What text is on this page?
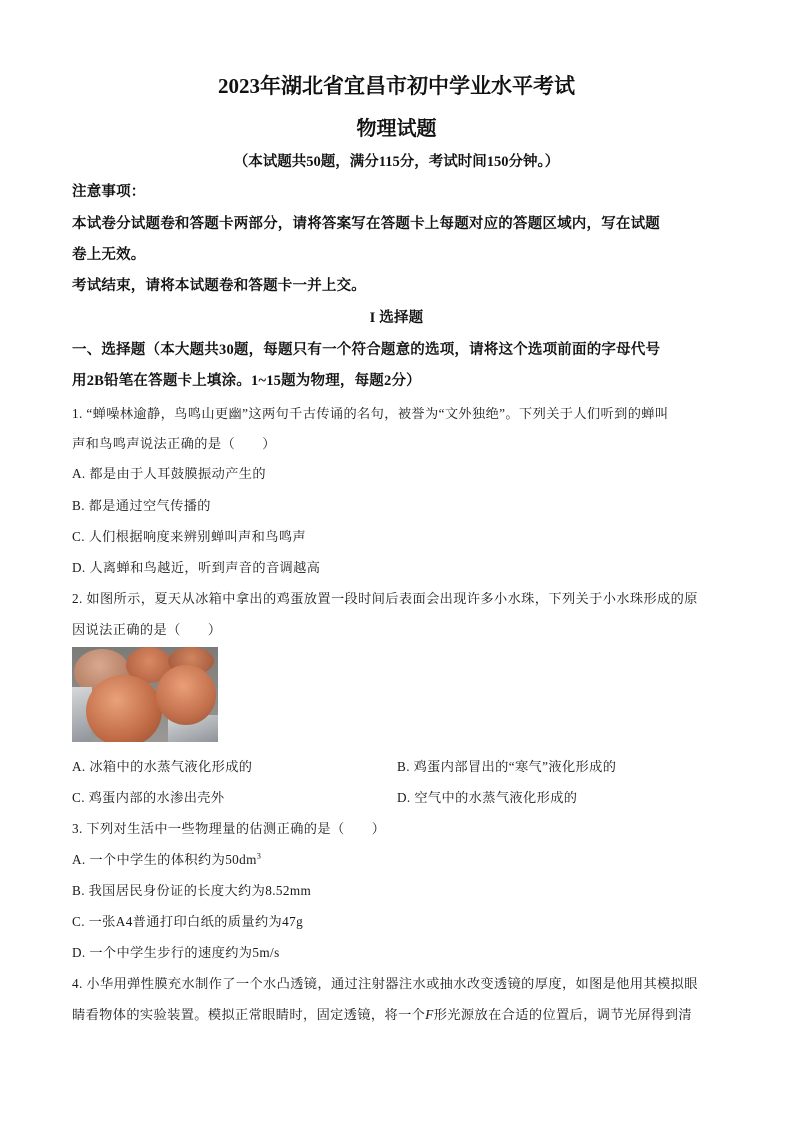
2023年湖北省宜昌市初中学业水平考试
物理试题
（本试题共50题，满分115分，考试时间150分钟。）
注意事项：
本试卷分试题卷和答题卡两部分，请将答案写在答题卡上每题对应的答题区域内，写在试题
卷上无效。
考试结束，请将本试题卷和答题卡一并上交。
I 选择题
一、选择题（本大题共30题，每题只有一个符合题意的选项，请将这个选项前面的字母代号
用2B铅笔在答题卡上填涂。1~15题为物理，每题2分）
1. “蝉噪林逾静，鸟鸣山更幽”这两句千古传诵的名句，被誉为“文外独绝”。下列关于人们听到的蝉叫
声和鸟鸣声说法正确的是（　　）
A. 都是由于人耳鼓膜振动产生的
B. 都是通过空气传播的
C. 人们根据响度来辨别蝉叫声和鸟鸣声
D. 人离蝉和鸟越近，听到声音的音调越高
2. 如图所示，夏天从冰箱中拿出的鸡蛋放置一段时间后表面会出现许多小水珠，下列关于小水珠形成的原
因说法正确的是（　　）
A. 冰箱中的水蒸气液化形成的	B. 鸡蛋内部冒出的“寒气”液化形成的
C. 鸡蛋内部的水渗出壳外	D. 空气中的水蒸气液化形成的
3. 下列对生活中一些物理量的估测正确的是（　　）
A. 一个中学生的体积约为$50dm^3$
B. 我国居民身份证的长度大约为8.52mm
C. 一张A4普通打印白纸的质量约为47g
D. 一个中学生步行的速度约为5m/s
4. 小华用弹性膜充水制作了一个水凸透镜，通过注射器注水或抽水改变透镜的厚度，如图是他用其模拟眼
睛看物体的实验装置。模拟正常眼睛时，固定透镜，将一个F形光源放在合适的位置后，调节光屏得到清
